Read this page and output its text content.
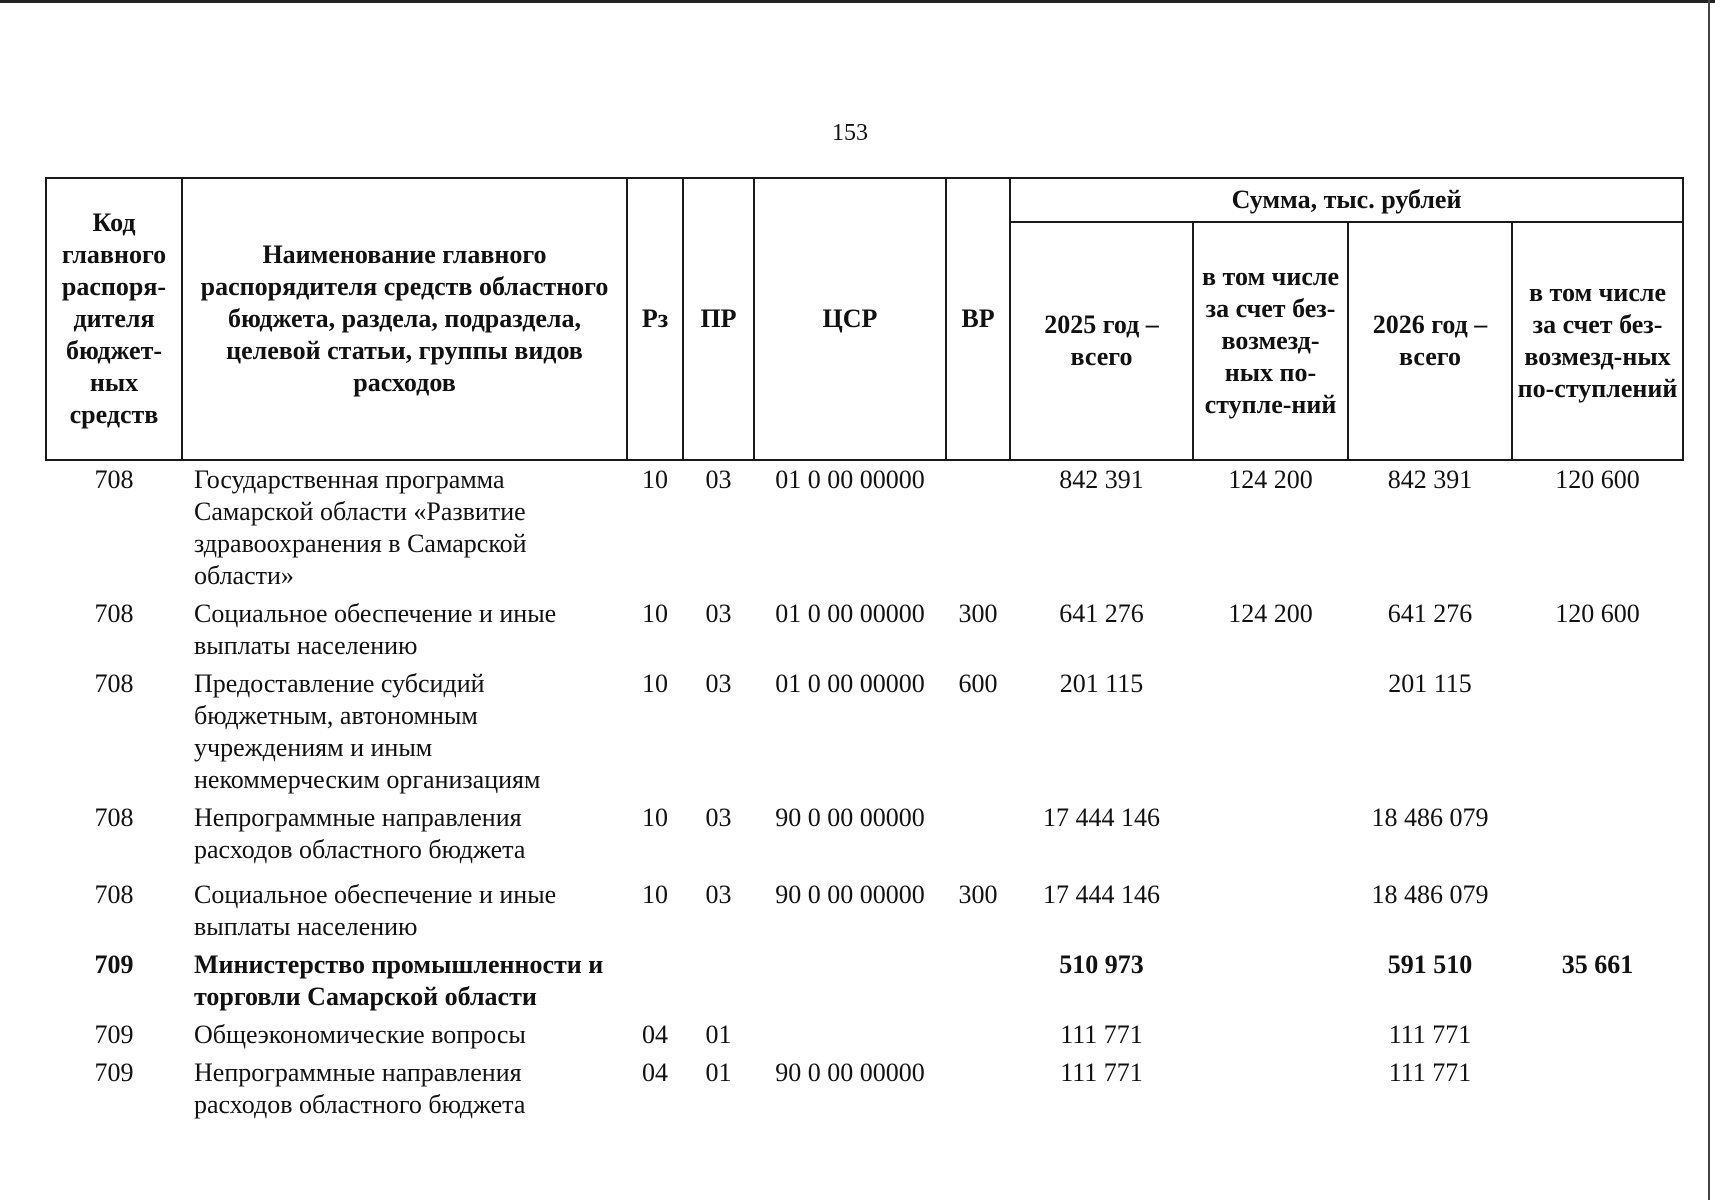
153
Код главного распоря-дителя бюджет-ных средств	Наименование главного распорядителя средств областного бюджета, раздела, подраздела, целевой статьи, группы видов расходов	Рз	ПР	ЦСР	ВР	Сумма, тыс. рублей			
						2025 год – всего	в том числе за счет без-возмезд-ных по-ступле-ний	2026 год – всего	в том числе за счет без-возмезд-ных по-ступлений
708	Государственная программа Самарской области «Развитие здравоохранения в Самарской области»	10	03	01 0 00 00000		842 391	124 200	842 391	120 600
708	Социальное обеспечение и иные выплаты населению	10	03	01 0 00 00000	300	641 276	124 200	641 276	120 600
708	Предоставление субсидий бюджетным, автономным учреждениям и иным некоммерческим организациям	10	03	01 0 00 00000	600	201 115		201 115	
708	Непрограммные направления расходов областного бюджета	10	03	90 0 00 00000		17 444 146		18 486 079	
708	Социальное обеспечение и иные выплаты населению	10	03	90 0 00 00000	300	17 444 146		18 486 079	
709	Министерство промышленности и торговли Самарской области					510 973		591 510	35 661
709	Общеэкономические вопросы	04	01			111 771		111 771	
709	Непрограммные направления расходов областного бюджета	04	01	90 0 00 00000		111 771		111 771	
